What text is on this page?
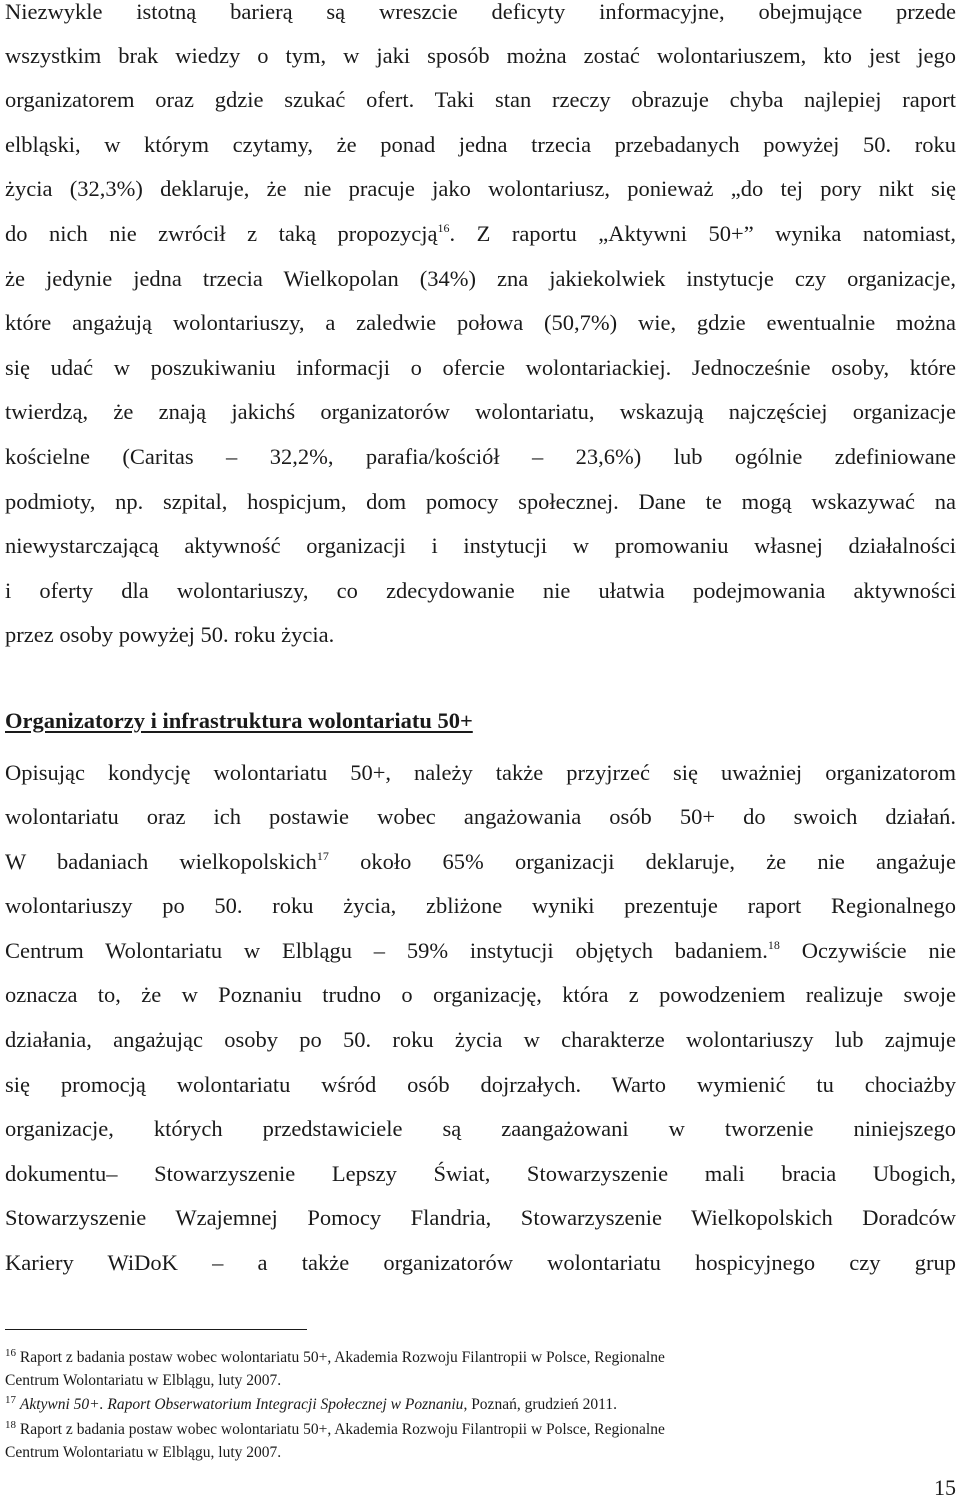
Niezwykle istotną barierą są wreszcie deficyty informacyjne, obejmujące przede
wszystkim brak wiedzy o tym, w jaki sposób można zostać wolontariuszem, kto jest jego
organizatorem oraz gdzie szukać ofert. Taki stan rzeczy obrazuje chyba najlepiej raport
elbląski, w którym czytamy, że ponad jedna trzecia przebadanych powyżej 50. roku
życia (32,3%) deklaruje, że nie pracuje jako wolontariusz, ponieważ „do tej pory nikt się
do nich nie zwrócił z taką propozycją$^{16}$. Z raportu „Aktywni 50+” wynika natomiast,
że jedynie jedna trzecia Wielkopolan (34%) zna jakiekolwiek instytucje czy organizacje,
które angażują wolontariuszy, a zaledwie połowa (50,7%) wie, gdzie ewentualnie można
się udać w poszukiwaniu informacji o ofercie wolontariackiej. Jednocześnie osoby, które
twierdzą, że znają jakichś organizatorów wolontariatu, wskazują najczęściej organizacje
kościelne (Caritas – 32,2%, parafia/kościół – 23,6%) lub ogólnie zdefiniowane
podmioty, np. szpital, hospicjum, dom pomocy społecznej. Dane te mogą wskazywać na
niewystarczającą aktywność organizacji i instytucji w promowaniu własnej działalności
i oferty dla wolontariuszy, co zdecydowanie nie ułatwia podejmowania aktywności
przez osoby powyżej 50. roku życia.
Organizatorzy i infrastruktura wolontariatu 50+
Opisując kondycję wolontariatu 50+, należy także przyjrzeć się uważniej organizatorom
wolontariatu oraz ich postawie wobec angażowania osób 50+ do swoich działań.
W badaniach wielkopolskich$^{17}$ około 65% organizacji deklaruje, że nie angażuje
wolontariuszy po 50. roku życia, zbliżone wyniki prezentuje raport Regionalnego
Centrum Wolontariatu w Elblągu – 59% instytucji objętych badaniem.$^{18}$ Oczywiście nie
oznacza to, że w Poznaniu trudno o organizację, która z powodzeniem realizuje swoje
działania, angażując osoby po 50. roku życia w charakterze wolontariuszy lub zajmuje
się promocją wolontariatu wśród osób dojrzałych. Warto wymienić tu chociażby
organizacje, których przedstawiciele są zaangażowani w tworzenie niniejszego
dokumentu– Stowarzyszenie Lepszy Świat, Stowarzyszenie mali bracia Ubogich,
Stowarzyszenie Wzajemnej Pomocy Flandria, Stowarzyszenie Wielkopolskich Doradców
Kariery WiDoK – a także organizatorów wolontariatu hospicyjnego czy grup
$^{16}$ Raport z badania postaw wobec wolontariatu 50+, Akademia Rozwoju Filantropii w Polsce, Regionalne
Centrum Wolontariatu w Elblągu, luty 2007.
$^{17}$ Aktywni 50+. Raport Obserwatorium Integracji Społecznej w Poznaniu, Poznań, grudzień 2011.
$^{18}$ Raport z badania postaw wobec wolontariatu 50+, Akademia Rozwoju Filantropii w Polsce, Regionalne
Centrum Wolontariatu w Elblągu, luty 2007.
15
